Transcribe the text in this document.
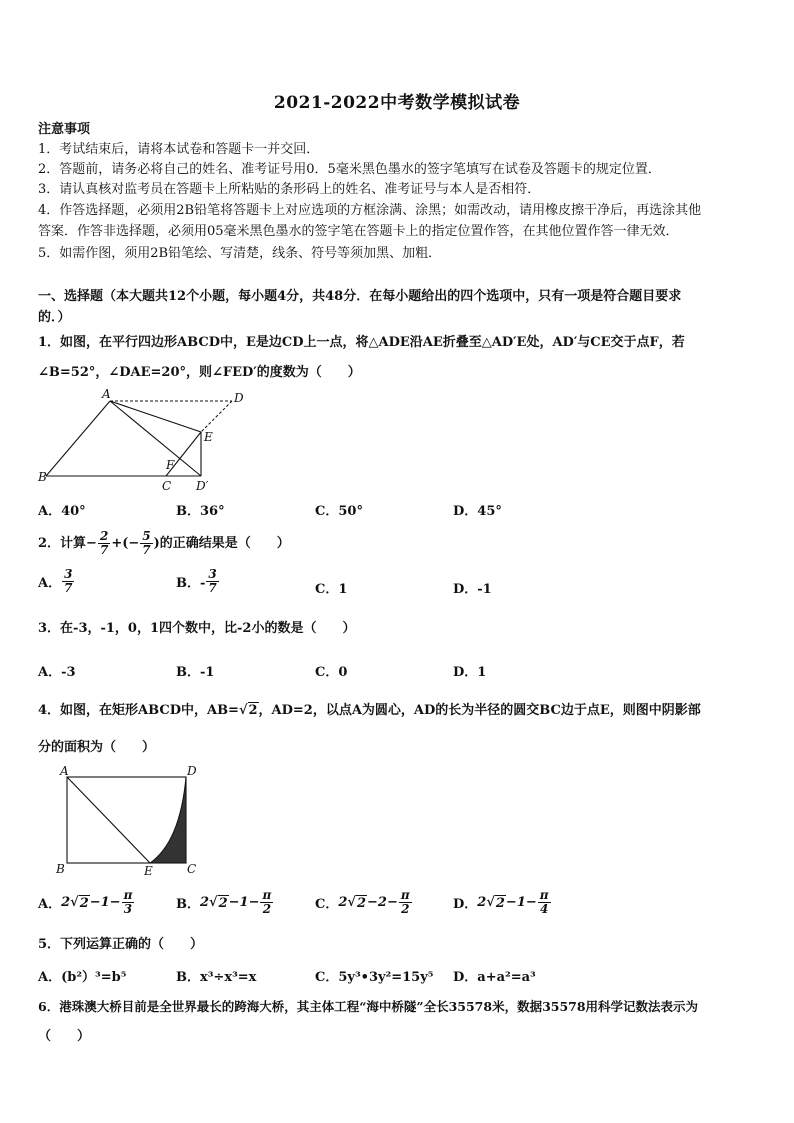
2021-2022中考数学模拟试卷
注意事项
1．考试结束后，请将本试卷和答题卡一并交回．
2．答题前，请务必将自己的姓名、准考证号用0．5毫米黑色墨水的签字笔填写在试卷及答题卡的规定位置．
3．请认真核对监考员在答题卡上所粘贴的条形码上的姓名、准考证号与本人是否相符．
4．作答选择题，必须用2B铅笔将答题卡上对应选项的方框涂满、涂黑；如需改动，请用橡皮擦干净后，再选涂其他
答案．作答非选择题，必须用05毫米黑色墨水的签字笔在答题卡上的指定位置作答，在其他位置作答一律无效．
5．如需作图，须用2B铅笔绘、写清楚，线条、符号等须加黑、加粗．
一、选择题（本大题共12个小题，每小题4分，共48分．在每小题给出的四个选项中，只有一项是符合题目要求
的．）
1．如图，在平行四边形ABCD中，E是边CD上一点，将△ADE沿AE折叠至△AD′E处，AD′与CE交于点F，若
∠B=52°，∠DAE=20°，则∠FED′的度数为（　　）
A	D
E
F
B
C D′
A．40°	B．36°	C．50°	D．45°
2．计算 − $\frac{2}{7}$ +(− $\frac{5}{7}$ ) 的正确结果是（　　）
A． $\frac{3}{7}$	B．- $\frac{3}{7}$	C．1	D．-1
3．在-3，-1，0，1四个数中，比-2小的数是（　　）
A．-3	B．-1	C．0	D．1
4．如图，在矩形ABCD中，AB=√2，AD=2，以点A为圆心，AD的长为半径的圆交BC边于点E，则图中阴影部
分的面积为（　　）
A	D
B	E	C
A． 2 √ $2 -1- \frac{\pi}{3}$	B． 2 √ $2 -1- \frac{\pi}{2}$	C． 2 √ $2 -2- \frac{\pi}{2}$	D． 2 √ $2 -1- \frac{\pi}{4}$
5．下列运算正确的（　　）
A．(b²）³=b⁵	B．x³÷x³=x	C．5y³•3y²=15y⁵ D．a+a²=a³
6．港珠澳大桥目前是全世界最长的跨海大桥，其主体工程“海中桥隧”全长35578米，数据35578用科学记数法表示为
（　　）
